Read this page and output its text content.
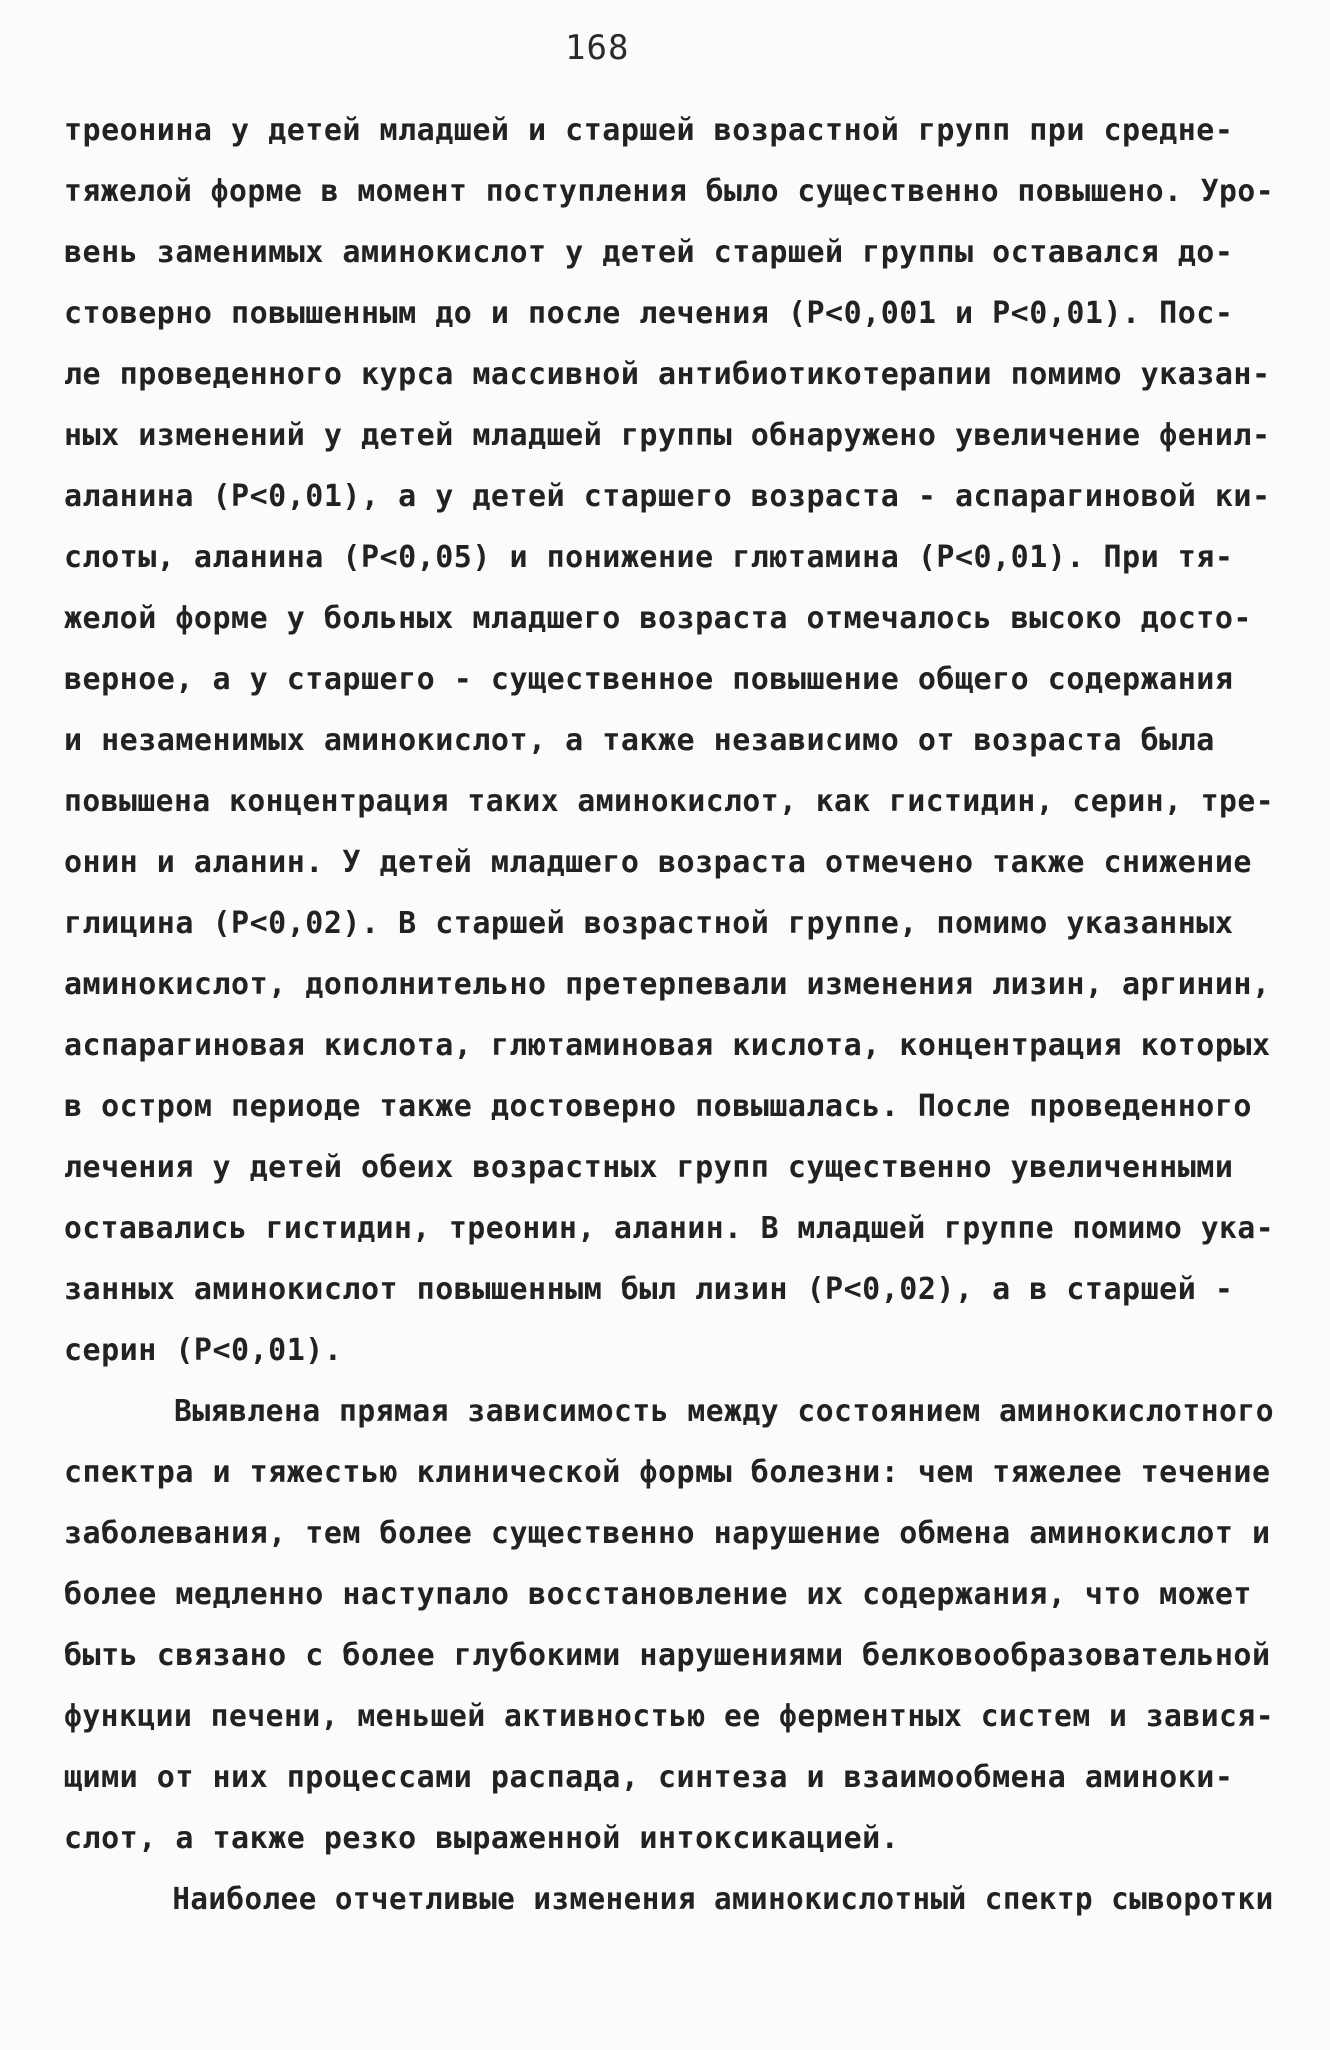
168
треонина у детей младшей и старшей возрастной групп при средне-
тяжелой форме в момент поступления было существенно повышено. Уро-
вень заменимых аминокислот у детей старшей группы оставался до-
стоверно повышенным до и после лечения (Р<0,001 и Р<0,01). Пос-
ле проведенного курса массивной антибиотикотерапии помимо указан-
ных изменений у детей младшей группы обнаружено увеличение фенил-
аланина (Р<0,01), а у детей старшего возраста - аспарагиновой ки-
слоты, аланина (Р<0,05) и понижение глютамина (Р<0,01). При тя-
желой форме у больных младшего возраста отмечалось высоко досто-
верное, а у старшего - существенное повышение общего содержания
и незаменимых аминокислот, а также независимо от возраста была
повышена концентрация таких аминокислот, как гистидин, серин, тре-
онин и аланин. У детей младшего возраста отмечено также снижение
глицина (Р<0,02). В старшей возрастной группе, помимо указанных
аминокислот, дополнительно претерпевали изменения лизин, аргинин,
аспарагиновая кислота, глютаминовая кислота, концентрация которых
в остром периоде также достоверно повышалась. После проведенного
лечения у детей обеих возрастных групп существенно увеличенными
оставались гистидин, треонин, аланин. В младшей группе помимо ука-
занных аминокислот повышенным был лизин (Р<0,02), а в старшей -
серин (Р<0,01).
Выявлена прямая зависимость между состоянием аминокислотного
спектра и тяжестью клинической формы болезни: чем тяжелее течение
заболевания, тем более существенно нарушение обмена аминокислот и
более медленно наступало восстановление их содержания, что может
быть связано с более глубокими нарушениями белковообразовательной
функции печени, меньшей активностью ее ферментных систем и завися-
щими от них процессами распада, синтеза и взаимообмена аминоки-
слот, а также резко выраженной интоксикацией.
Наиболее отчетливые изменения аминокислотный спектр сыворотки
